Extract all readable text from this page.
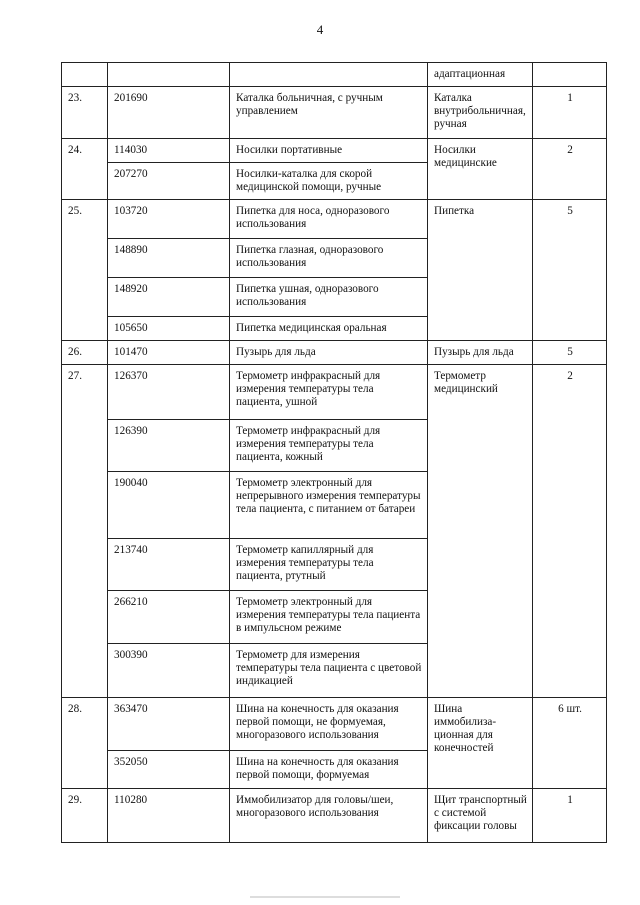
4
			адаптационная	
23.	201690	Каталка больничная, с ручным управлением	Каталка внутрибольничная, ручная	1
24.	114030	Носилки портативные	Носилки медицинские	2
	207270	Носилки-каталка для скорой медицинской помощи, ручные		
25.	103720	Пипетка для носа, одноразового использования	Пипетка	5
	148890	Пипетка глазная, одноразового использования		
	148920	Пипетка ушная, одноразового использования		
	105650	Пипетка медицинская оральная		
26.	101470	Пузырь для льда	Пузырь для льда	5
27.	126370	Термометр инфракрасный для измерения температуры тела пациента, ушной	Термометр медицинский	2
	126390	Термометр инфракрасный для измерения температуры тела пациента, кожный		
	190040	Термометр электронный для непрерывного измерения температуры тела пациента, с питанием от батареи		
	213740	Термометр капиллярный для измерения температуры тела пациента, ртутный		
	266210	Термометр электронный для измерения температуры тела пациента в импульсном режиме		
	300390	Термометр для измерения температуры тела пациента с цветовой индикацией		
28.	363470	Шина на конечность для оказания первой помощи, не формуемая, многоразового использования	Шина иммобилиза-ционная для конечностей	6 шт.
	352050	Шина на конечность для оказания первой помощи, формуемая		
29.	110280	Иммобилизатор для головы/шеи, многоразового использования	Щит транспортный с системой фиксации головы	1
